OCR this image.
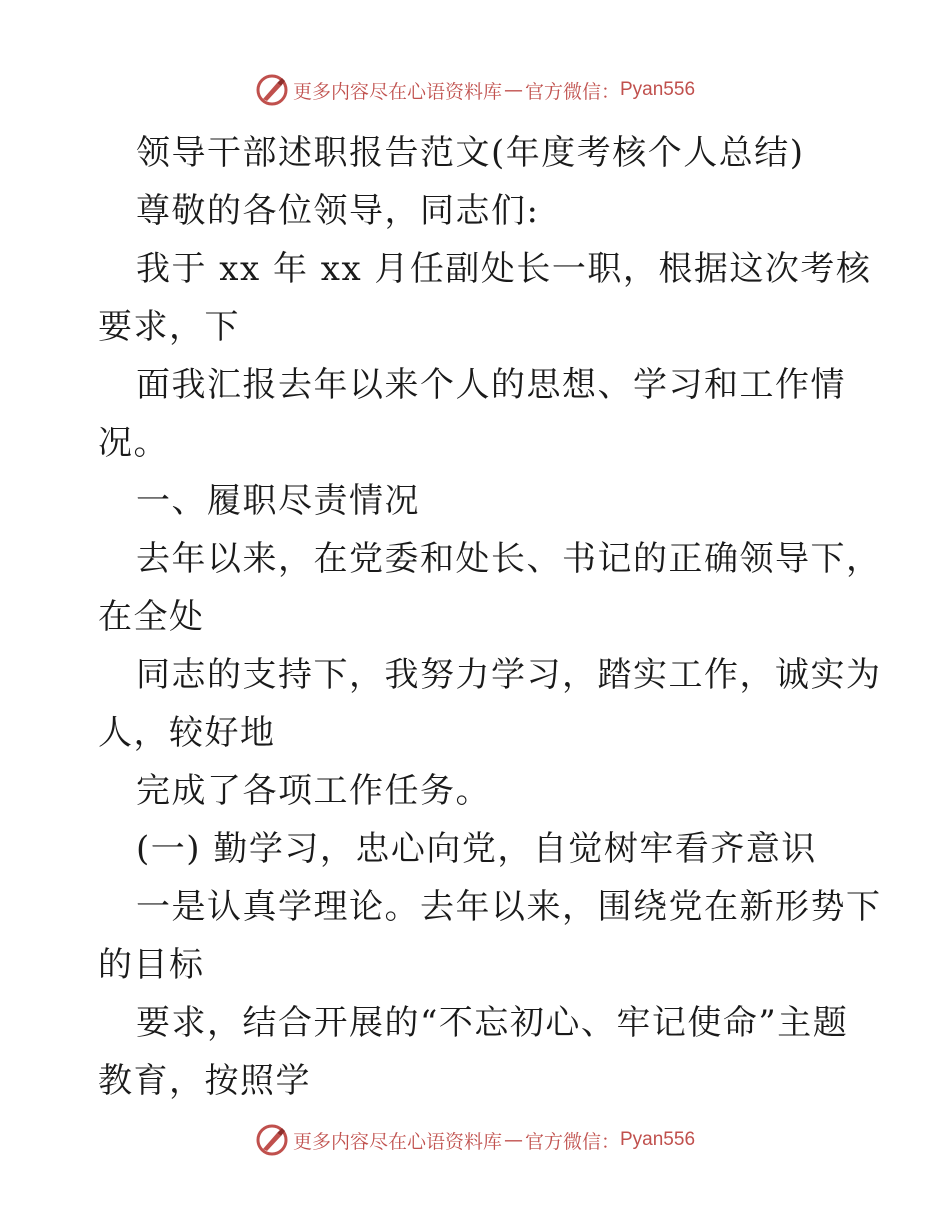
更多内容尽在心语资料库 — 官方微信： Pyan556
领导干部述职报告范文(年度考核个人总结)
尊敬的各位领导，同志们:
我于 xx 年 xx 月任副处长一职，根据这次考核
要求，下
面我汇报去年以来个人的思想、学习和工作情
况。
一、履职尽责情况
去年以来，在党委和处长、书记的正确领导下，
在全处
同志的支持下，我努力学习，踏实工作，诚实为
人，较好地
完成了各项工作任务。
(一) 勤学习，忠心向党，自觉树牢看齐意识
一是认真学理论。去年以来，围绕党在新形势下
的目标
要求，结合开展的“不忘初心、牢记使命”主题
教育，按照学
更多内容尽在心语资料库 — 官方微信： Pyan556
